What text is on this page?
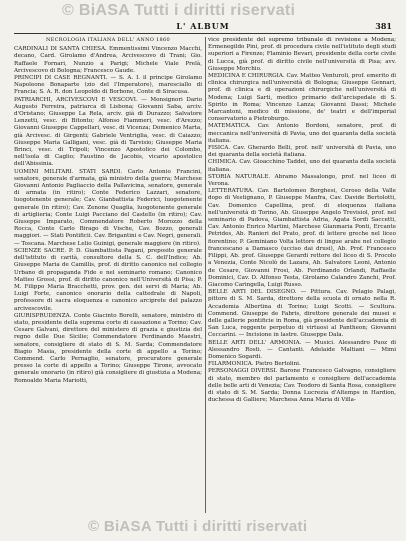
© BiASA Tutti i diritti riservati
L' ALBUM	381

NECROLOGIA ITALIANA DELL' ANNO 1860

CARDINALI DI SANTA CHIESA. Emmentissimi Vincenzo Macchi, decano, Card. Girolamo d'Andrea, Arcivescovo di Trani; Gio. Raffaele Fornari, Nunzio a Parigi; Michele Viale Prelà, Arcivescovo di Bologna; Francesco Gaude.

PRINCIPI DI CASE REGNANTI. — S. A. I. il principe Girolamo Napoleone Bonaparte (zio del l'Imperatore), maresciallo di Francia; S. A. R. don Leopoldo di Borbone, Conte di Siracusa.

PATRIARCHI, ARCIVESCOVI E VESCOVI. — Monsignori Dario Augusto Ferreira, patriarca di Lisbona; Giovanni Saba, arciv. d'Oristano; Giuseppe La Rela, arciv. già di Durazzo; Salvatore Lenzetti, vesc. di Bitonto; Alfonso Fiammeri, vesc. d'Arezzo; Giovanni Giuseppe Cappellari, vesc. di Vicenza; Domenico Marta, già Arcivesc. di Girgenti; Gabriele Ventriglia, vesc. di Caiazzo; Giuseppe Maria Galligani, vesc. già di Tarvisio; Giuseppe Maria Brinci, vesc. di Tripoli; Vincenzo Apostolico dei Colombo, nell'isola di Caglio; Faustino de Jacobis, vicario apostolico dell'Abissinia.

UOMINI MILITARI. STATI SARDI. Carlo Antonio Francini, senatore, generale d'armata, già ministro della guerra; Marchese Giovanni Antonio Pagliaccio della Pallavicina, senatore, generale di armata (in ritiro); Conte Federico Lazzari, senatore, luogotenente generale; Cav. Gianbattista Federici, luogotenente generale (in ritiro); Cav. Zenone Quaglia, luogotenente generale di artiglieria; Conte Luigi Pacciano del Castello (in ritiro); Cav. Giuseppe Imparato, Commendatore Roberto Morozzo della Rocca, Conte Carlo Birago di Vische, Cav. Bozzo, generali maggiori. — Stati Pontificii. Cav. Brigantini e Cav. Negri, generali. — Toscana. Marchese Lelio Guinigi, generale maggiore (in ritiro).

SCIENZE SACRE. P. D. Giambattista Pagani, preposito generale dell'istituto di carità, consultore della S. C. dell'Indice; Ab. Giuseppe Maria de Camillis, prof. di diritto canonico nel collegio Urbano di propaganda Fide e nel seminario romano; Canonico Matteo Grossi, prof. di diritto canonico nell'Università di Pisa; P. M. Filippo Maria Bracchetti, prov. gen. dei servi di Maria; Ab. Luigi Forte, canonico onorario della cattedrale di Napoli, professore di sacra eloquenza e canonico arciprete del palazzo arcivescovile.

GIURISPRUDENZA. Conte Giacinto Borelli, senatore, ministro di stato, presidente della suprema corte di cassazione a Torino; Cav. Cesare Galvani, direttore del ministero di grazia e giustizia del regno delle Due Sicilie; Commendatore Ferdinando Maestri, senatore, consigliere di stato di S. M. Sarda; Commendatore Biagio Masia, presidente della corte di appello a Torino; Commend. Carlo Pernaglio, senatore, procuratore generale presso la corte di appello a Torino; Giuseppe Tirone, avvocato generale onorario (in ritiro) già consigliere di giustizia a Modena; Romoaldo Maria Mariotti,

vice presidente del supremo tribunale di revisione a Modena; Ermenegildo Pini, prof. di procedura civile nell'istituto degli studi superiori a Firenze; Flaminio Bevari, presidente della corte civile di Lucca, già prof. di diritto civile nell'università di Pisa; avv. Giuseppe Morchio.

MEDICINA E CHIRURGIA. Cav. Matteo Venturoli, prof. emerito di clinica chirurgica nell'università di Bologna; Giuseppe Gennari, prof. di clinica e di operazioni chirurgiche nell'università di Modena; Luigi Sarti, medico primario dell'arcispedale di S. Spirito in Roma; Vincenzo Lanza; Giovanni Dassi; Michele Marcantoni, medico di missione, de' teatri e dell'imperial conservatorio a Pietroburgo.

MATEMATICA. Cav. Antonio Bordoni, senatore, prof. di meccanica nell'università di Pavia, uno dei quaranta della società italiana.

FISICA. Cav. Gherardo Belli, prof. nell' università di Pavia, uno dei quaranta della società italiana.

CHIMICA. Cav. Gioacchino Taddei, uno dei quaranta della società italiana.

STORIA NATURALE. Abramo Massalongo, prof. nel liceo di Verona.

LETTERATURA. Cav. Bartolomeo Borghesi, Ceroso della Valle dopo di Vestignano, P. Giuseppe Manfra, Cav. Davide Bertolotti, Cav. Domenico Capellina, prof. di eloquenza italiana nell'università di Torino, Ab. Giuseppe Angelo Trevisiol, prof. nel seminario di Padova, Giambattista Adria, Agata Sordi Saccetti, Cav. Antonio Enrico Martini, Marchese Gianmaria Ponti, Ercante Petrides, Ab. Ranieri del Prato, prof. di lettere greche nel liceo fiorentino; P. Geminiano Volta lettore di lingue arabe nel collegio francescano a Damasco (ucciso dai drusi), Ab. Prof. Francesco Filippi, Ab. prof. Giuseppe Gerardi rettore del liceo di S. Procolo a Venezia, Conte Nicolò de Lazara, Ab. Salvatore Leoni, Antonio de Cesare, Giovanni Frosi, Ab. Ferdinando Orlandi, Raffaelle Dominici, Cav. D. Alfonso Testa, Girolamo Calandro Zanchi, Prof. Giacomo Caringella, Luigi Russo.

BELLE ARTI DEL DISEGNO. — Pittura. Cav. Pelagio Palagi, pittore di S. M. Sarda, direttore della scuola di ornato nella R. Accademia Albertina di Torino; Luigi Scotti. — Scultura. Commend. Giuseppe de Fabris, direttore generale dei musei e delle gallerie pontificie in Roma, già presidente dell'accademia di San Luca, reggente perpetuo di virtuosi al Pantheon; Giovanni Ceccarini. — Incisione in lastre. Giuseppe Dala.

BELLE ARTI DELL' ARMONIA. — Musici. Alessandro Puoz di Alessandro Rosti. — Cantanti. Adelaide Maltiani — Mimi Domenico Sogardi.

FILARMONICA. Pietro Bertolini.

PERSONAGGI DIVERSI. Barone Francesco Galvagno, consigliere di stato, membro del parlamento e consigliere dell'accademia delle belle arti di Venezia; Cav. Teodoro di Santa Rosa, consigliere di stato di S. M. Sarda; Donna Lucrezia d'Altemps in Hardion, duchessa di Galliere; Marchesa Anna Maria di Villa-

© BiASA Tutti i diritti riservati
